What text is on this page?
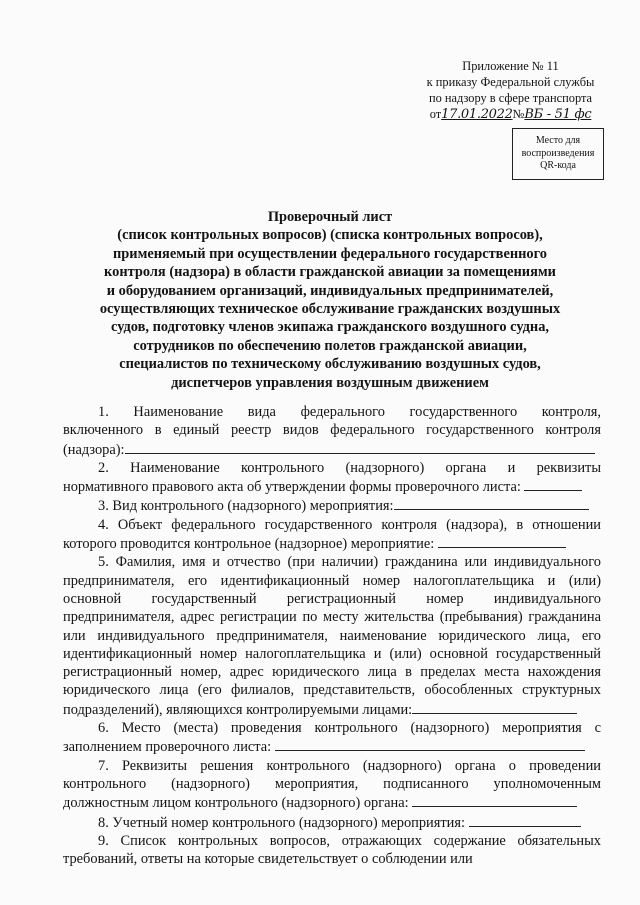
Приложение № 11
к приказу Федеральной службы
по надзору в сфере транспорта
от17.01.2022№ВБ - 51 фс
Место для
воспроизведения
QR-кода
Проверочный лист
(список контрольных вопросов) (списка контрольных вопросов),
применяемый при осуществлении федерального государственного
контроля (надзора) в области гражданской авиации за помещениями
и оборудованием организаций, индивидуальных предпринимателей,
осуществляющих техническое обслуживание гражданских воздушных
судов, подготовку членов экипажа гражданского воздушного судна,
сотрудников по обеспечению полетов гражданской авиации,
специалистов по техническому обслуживанию воздушных судов,
диспетчеров управления воздушным движением
1. Наименование вида федерального государственного контроля,
включенного в единый реестр видов федерального государственного контроля
(надзора):
2. Наименование контрольного (надзорного) органа и реквизиты
нормативного правового акта об утверждении формы проверочного листа:
3. Вид контрольного (надзорного) мероприятия:
4. Объект федерального государственного контроля (надзора), в отношении
которого проводится контрольное (надзорное) мероприятие:
5. Фамилия, имя и отчество (при наличии) гражданина или индивидуального
предпринимателя, его идентификационный номер налогоплательщика и (или)
основной государственный регистрационный номер индивидуального
предпринимателя, адрес регистрации по месту жительства (пребывания) гражданина
или индивидуального предпринимателя, наименование юридического лица, его
идентификационный номер налогоплательщика и (или) основной государственный
регистрационный номер, адрес юридического лица в пределах места нахождения
юридического лица (его филиалов, представительств, обособленных структурных
подразделений), являющихся контролируемыми лицами:
6. Место (места) проведения контрольного (надзорного) мероприятия с
заполнением проверочного листа:
7. Реквизиты решения контрольного (надзорного) органа о проведении
контрольного (надзорного) мероприятия, подписанного уполномоченным
должностным лицом контрольного (надзорного) органа:
8. Учетный номер контрольного (надзорного) мероприятия:
9. Список контрольных вопросов, отражающих содержание обязательных
требований, ответы на которые свидетельствует о соблюдении или
